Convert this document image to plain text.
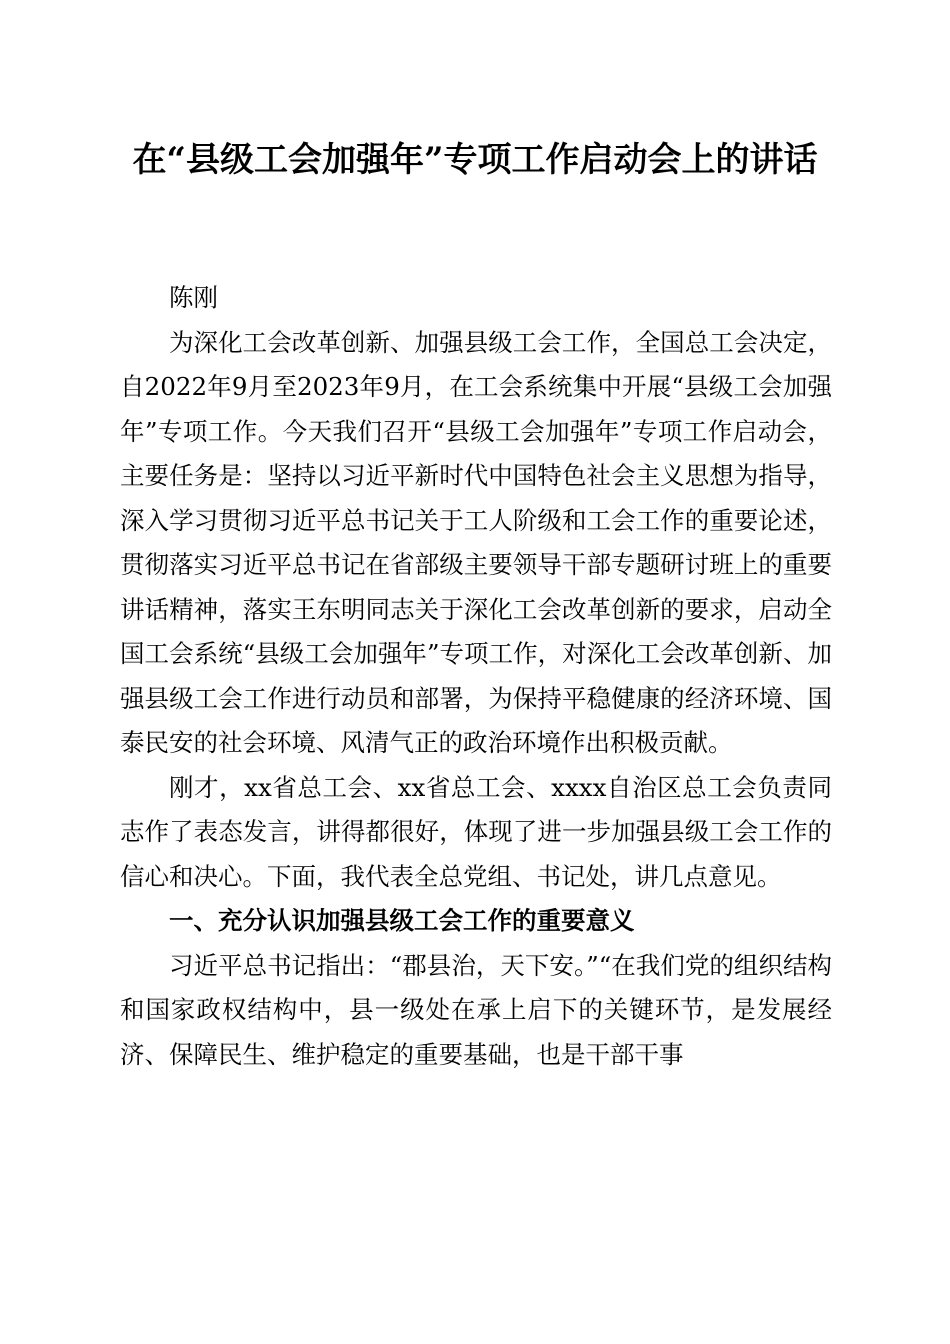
在“县级工会加强年”专项工作启动会上的讲话

陈刚

为深化工会改革创新、加强县级工会工作，全国总工会决定，自2022年9月至2023年9月，在工会系统集中开展“县级工会加强年”专项工作。今天我们召开“县级工会加强年”专项工作启动会，主要任务是：坚持以习近平新时代中国特色社会主义思想为指导，深入学习贯彻习近平总书记关于工人阶级和工会工作的重要论述，贯彻落实习近平总书记在省部级主要领导干部专题研讨班上的重要讲话精神，落实王东明同志关于深化工会改革创新的要求，启动全国工会系统“县级工会加强年”专项工作，对深化工会改革创新、加强县级工会工作进行动员和部署，为保持平稳健康的经济环境、国泰民安的社会环境、风清气正的政治环境作出积极贡献。

刚才，xx省总工会、xx省总工会、xxxx自治区总工会负责同志作了表态发言，讲得都很好，体现了进一步加强县级工会工作的信心和决心。下面，我代表全总党组、书记处，讲几点意见。

一、充分认识加强县级工会工作的重要意义

习近平总书记指出：“郡县治，天下安。”“在我们党的组织结构和国家政权结构中，县一级处在承上启下的关键环节，是发展经济、保障民生、维护稳定的重要基础，也是干部干事
